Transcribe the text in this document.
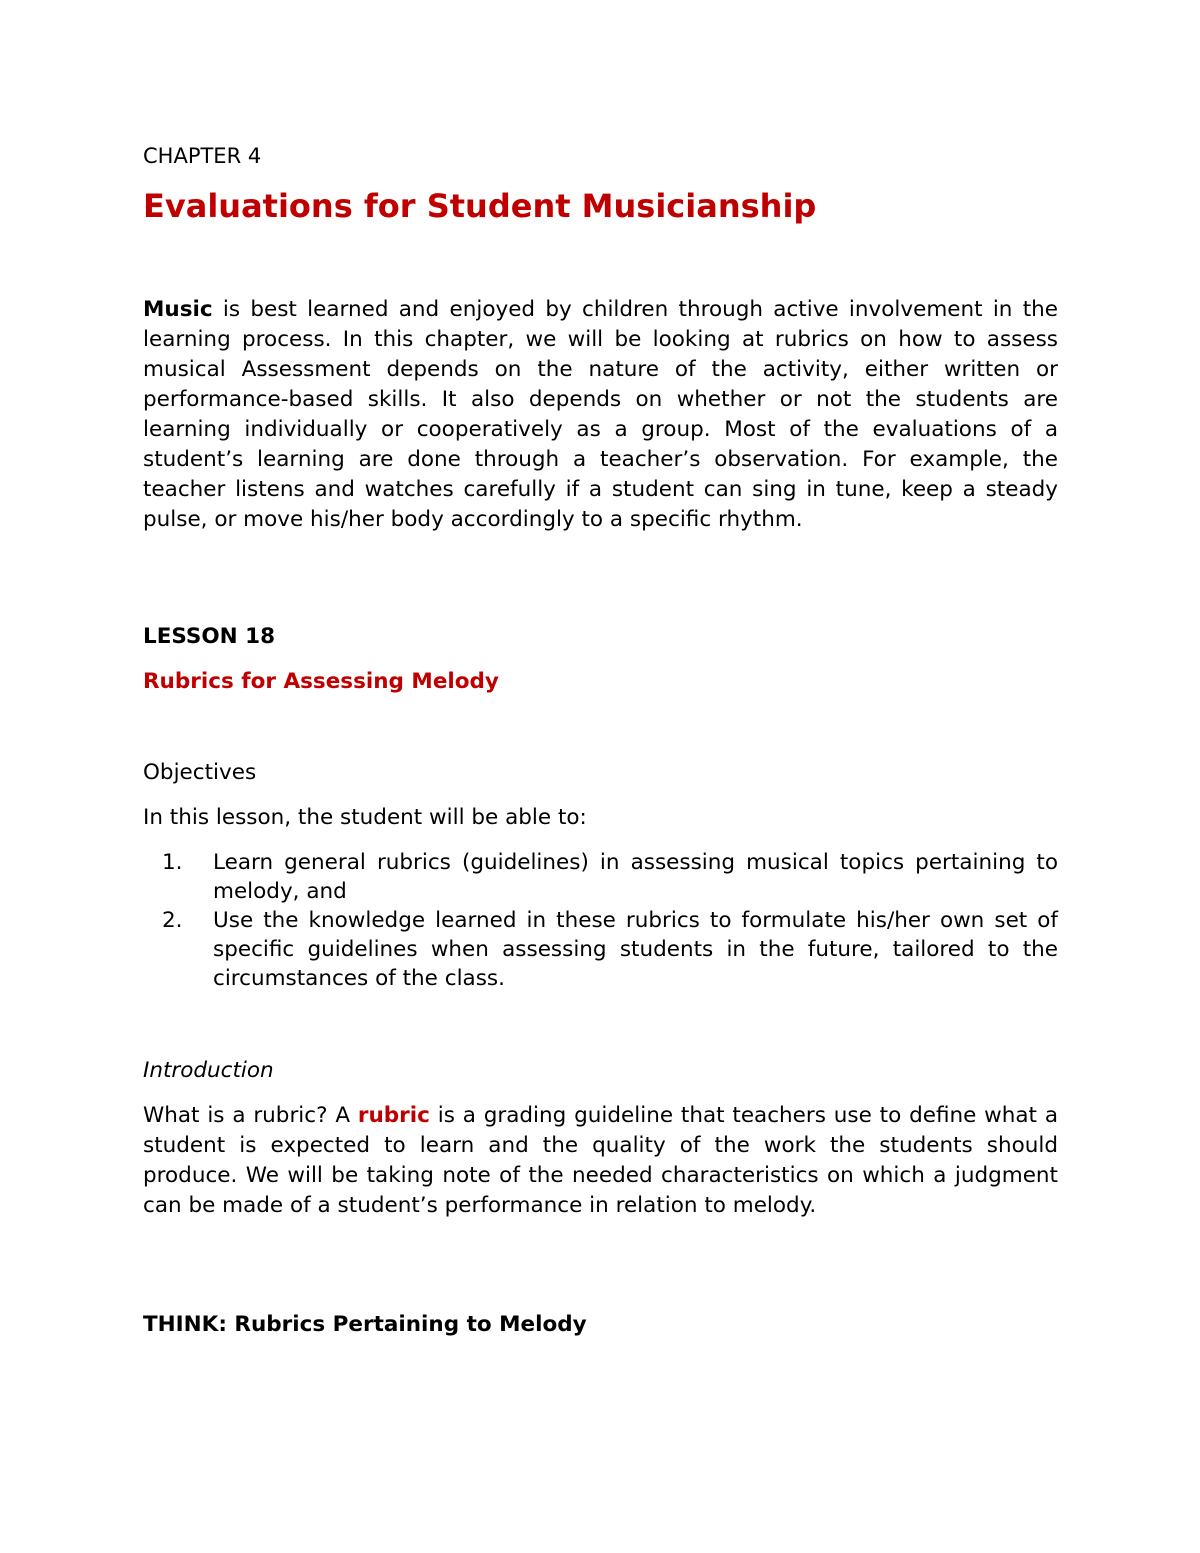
CHAPTER 4

Evaluations for Student Musicianship

Music is best learned and enjoyed by children through active involvement in the learning process. In this chapter, we will be looking at rubrics on how to assess musical Assessment depends on the nature of the activity, either written or performance-based skills. It also depends on whether or not the students are learning individually or cooperatively as a group. Most of the evaluations of a student’s learning are done through a teacher’s observation. For example, the teacher listens and watches carefully if a student can sing in tune, keep a steady pulse, or move his/her body accordingly to a specific rhythm.

LESSON 18
Rubrics for Assessing Melody

Objectives

In this lesson, the student will be able to:

1. Learn general rubrics (guidelines) in assessing musical topics pertaining to melody, and
2. Use the knowledge learned in these rubrics to formulate his/her own set of specific guidelines when assessing students in the future, tailored to the circumstances of the class.

Introduction

What is a rubric? A rubric is a grading guideline that teachers use to define what a student is expected to learn and the quality of the work the students should produce. We will be taking note of the needed characteristics on which a judgment can be made of a student’s performance in relation to melody.

THINK: Rubrics Pertaining to Melody
